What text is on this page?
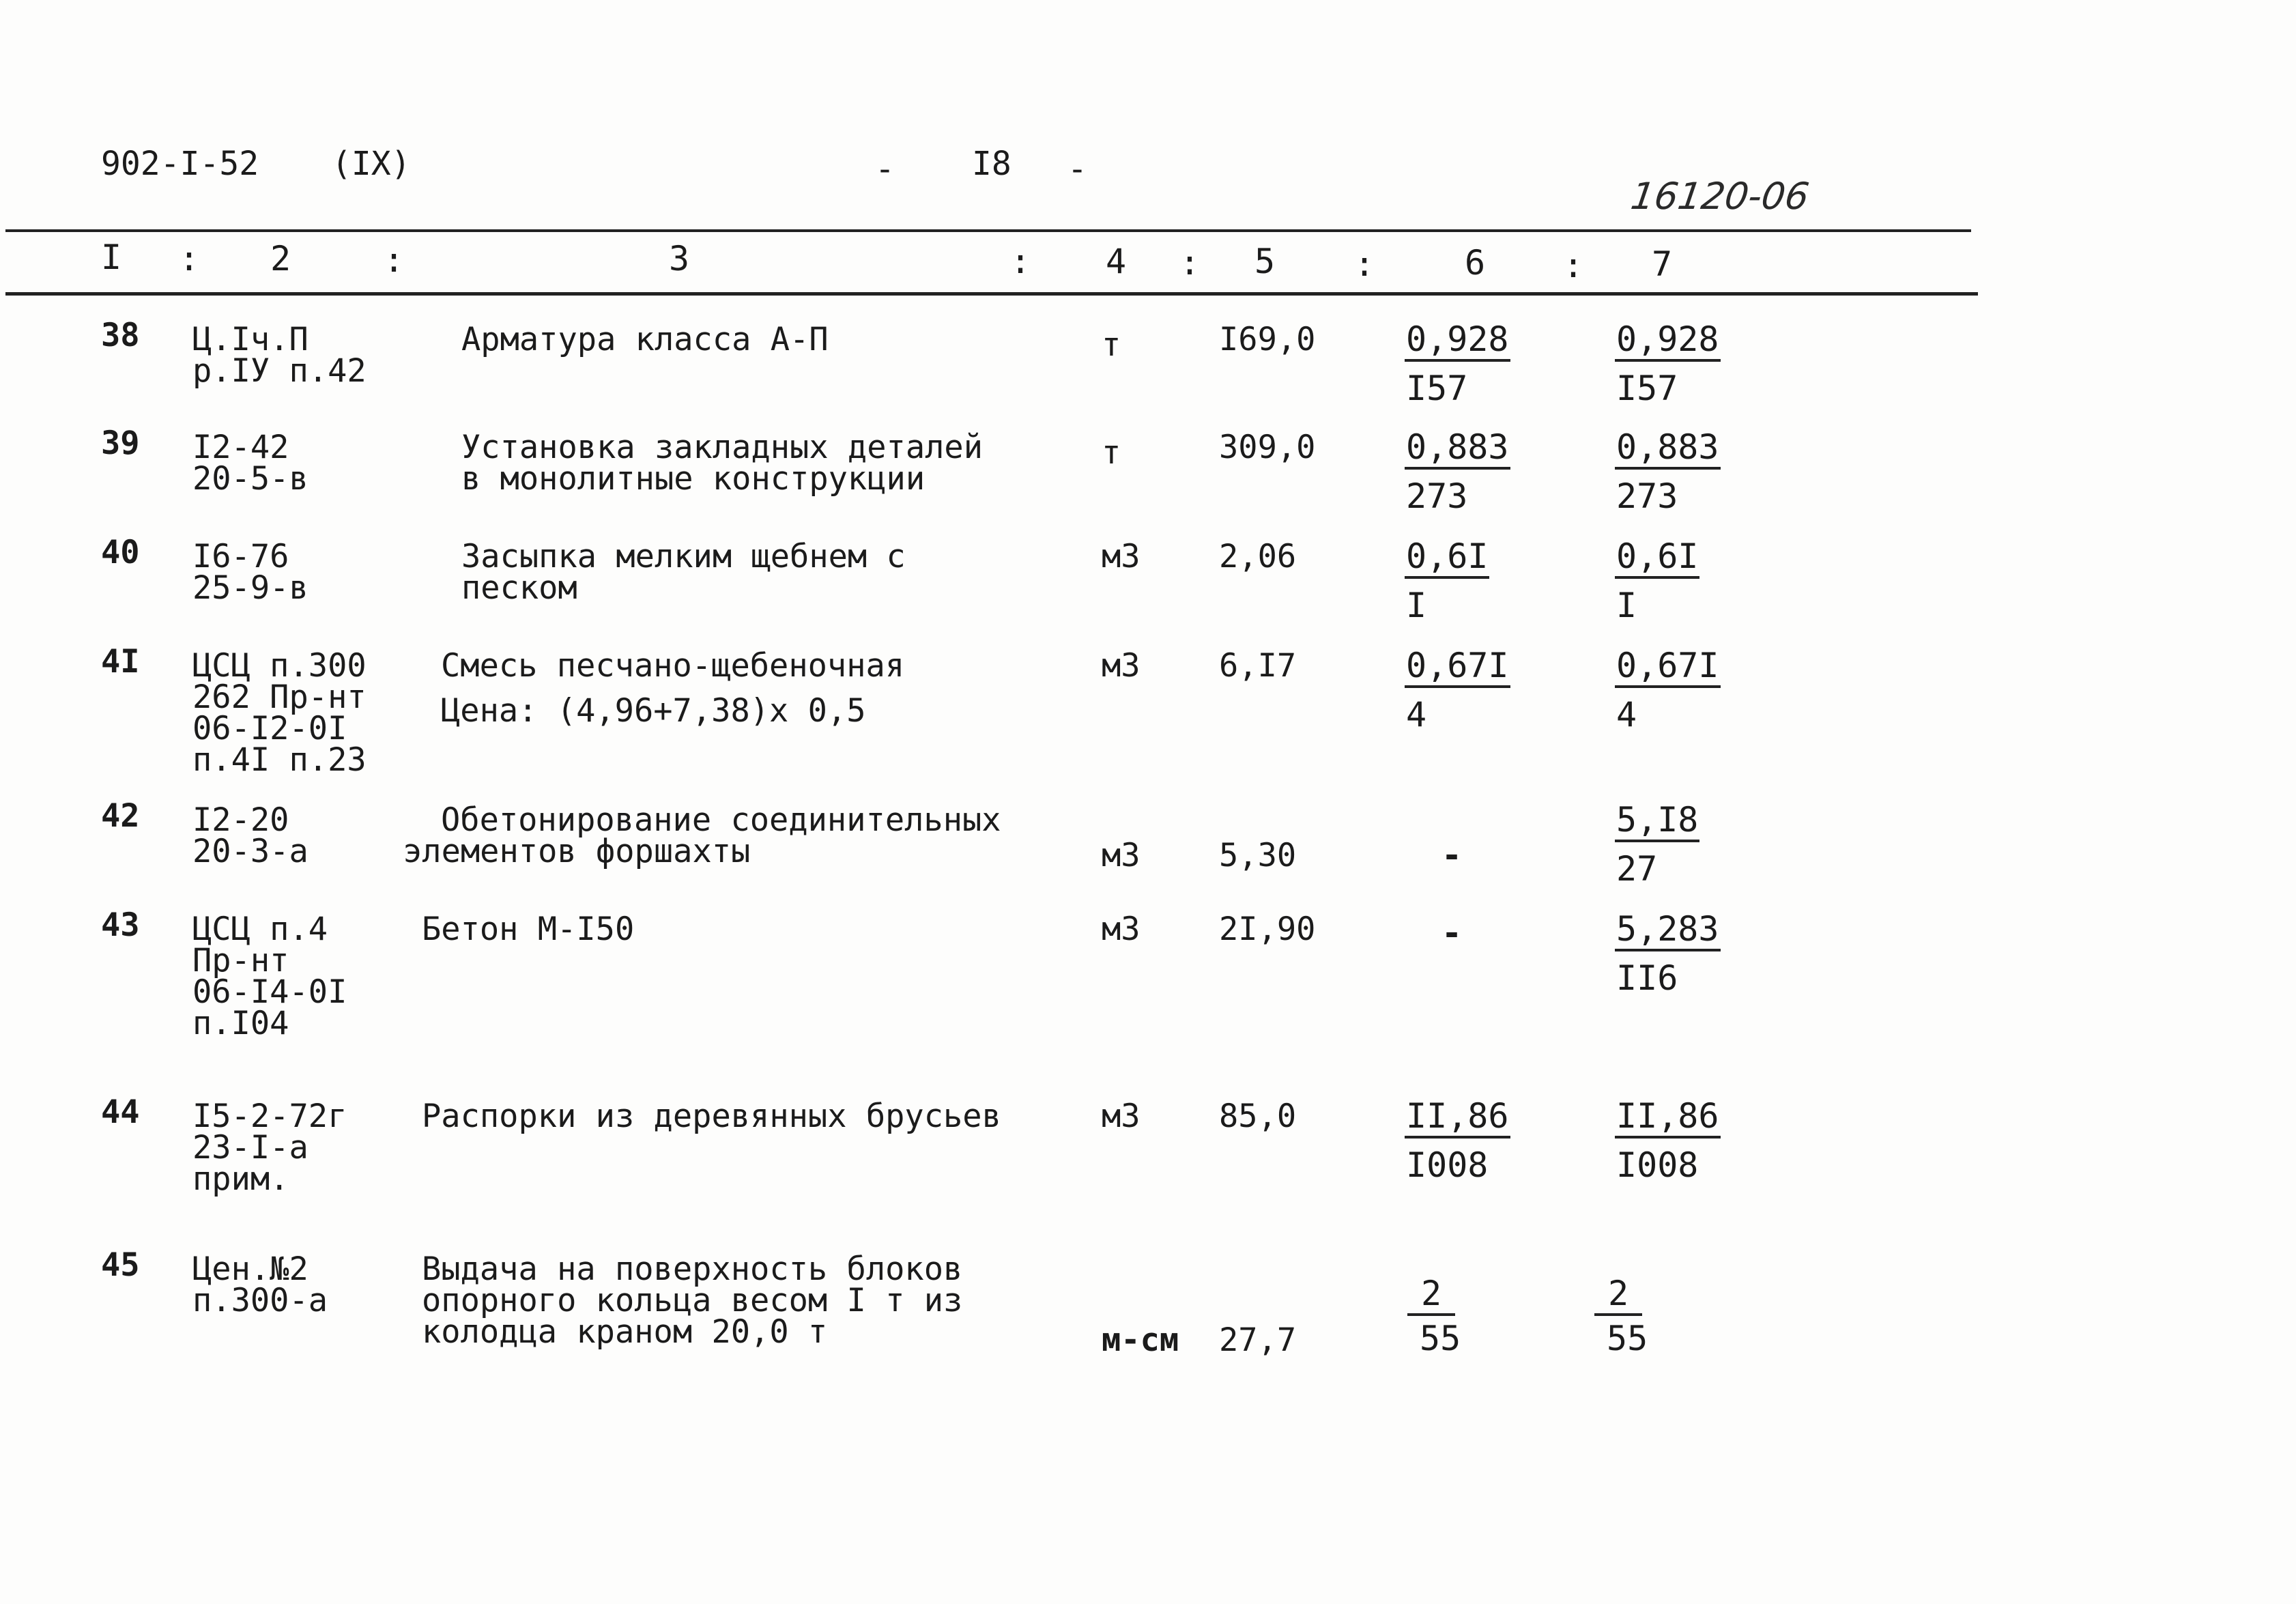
902-I-52 (IX)	- I8 -
16120-06
I : 2	:	3	: 4 : 5 :	6 : 7
38 Ц.Iч.П
р.IУ п.42
Арматура класса А-П	т	I69,0	$\frac{0,928}{I57}$	$\frac{0,928}{I57}$
39 I2-42
20-5-в
Установка закладных деталей
в монолитные конструкции
т	309,0	$\frac{0,883}{273}$	$\frac{0,883}{273}$
40 I6-76
25-9-в
Засыпка мелким щебнем с
песком
м3 2,06	$\frac{0,6I}{I}$	$\frac{0,6I}{I}$
4I ЦСЦ п.300
262 Пр-нт
06-I2-0I
п.4I п.23
Смесь песчано-щебеночная
Цена: (4,96+7,38)х 0,5
м3 6,I7	$\frac{0,67I}{4}$	$\frac{0,67I}{4}$
42 I2-20
20-3-а
Обетонирование соединительных
элементов форшахты	м3 5,30	-	$\frac{5,I8}{27}$
43 ЦСЦ п.4
Пр-нт
06-I4-0I
п.I04
Бетон М-I50	м3 2I,90	-	$\frac{5,283}{II6}$
44 I5-2-72г
23-I-а
прим.
Распорки из деревянных брусьев	м3 85,0	$\frac{II,86}{I008}$	$\frac{II,86}{I008}$
45 Цен.№2
п.300-а
Выдача на поверхность блоков
опорного кольца весом I т из
колодца краном 20,0 т	м-см 27,7	$\frac{2}{55}$	$\frac{2}{55}$
